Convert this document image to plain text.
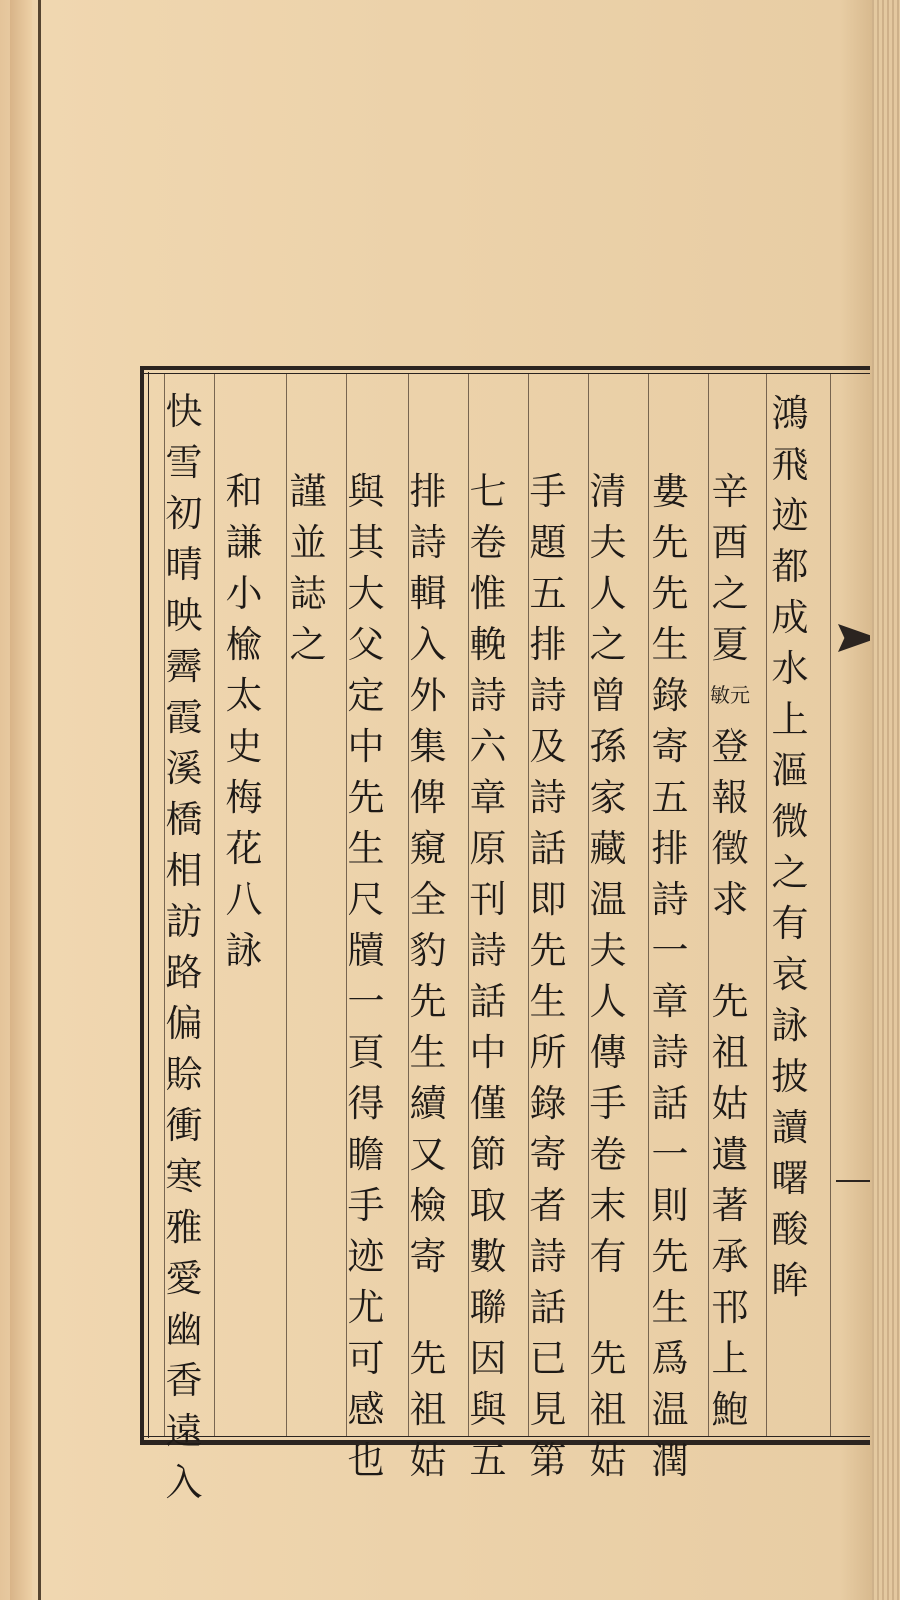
鴻
飛
迹
都
成
水
上
漚
微
之
有
哀
詠
披
讀
曙
酸
眸
辛
酉
之
夏
敏元
登
報
徵
求
先
祖
姑
遺
著
承
邗
上
鮑
婁
先
先
生
錄
寄
五
排
詩
一
章
詩
話
一
則
先
生
爲
温
潤
清
夫
人
之
曾
孫
家
藏
温
夫
人
傳
手
卷
末
有
先
祖
姑
手
題
五
排
詩
及
詩
話
即
先
生
所
錄
寄
者
詩
話
已
見
第
七
卷
惟
輓
詩
六
章
原
刊
詩
話
中
僅
節
取
數
聯
因
與
五
排
詩
輯
入
外
集
俾
窺
全
豹
先
生
續
又
檢
寄
先
祖
姑
與
其
大
父
定
中
先
生
尺
牘
一
頁
得
瞻
手
迹
尤
可
感
也
謹
並
誌
之
和
謙
小
楡
太
史
梅
花
八
詠
快
雪
初
晴
映
霽
霞
溪
橋
相
訪
路
偏
賒
衝
寒
雅
愛
幽
香
遠
入
